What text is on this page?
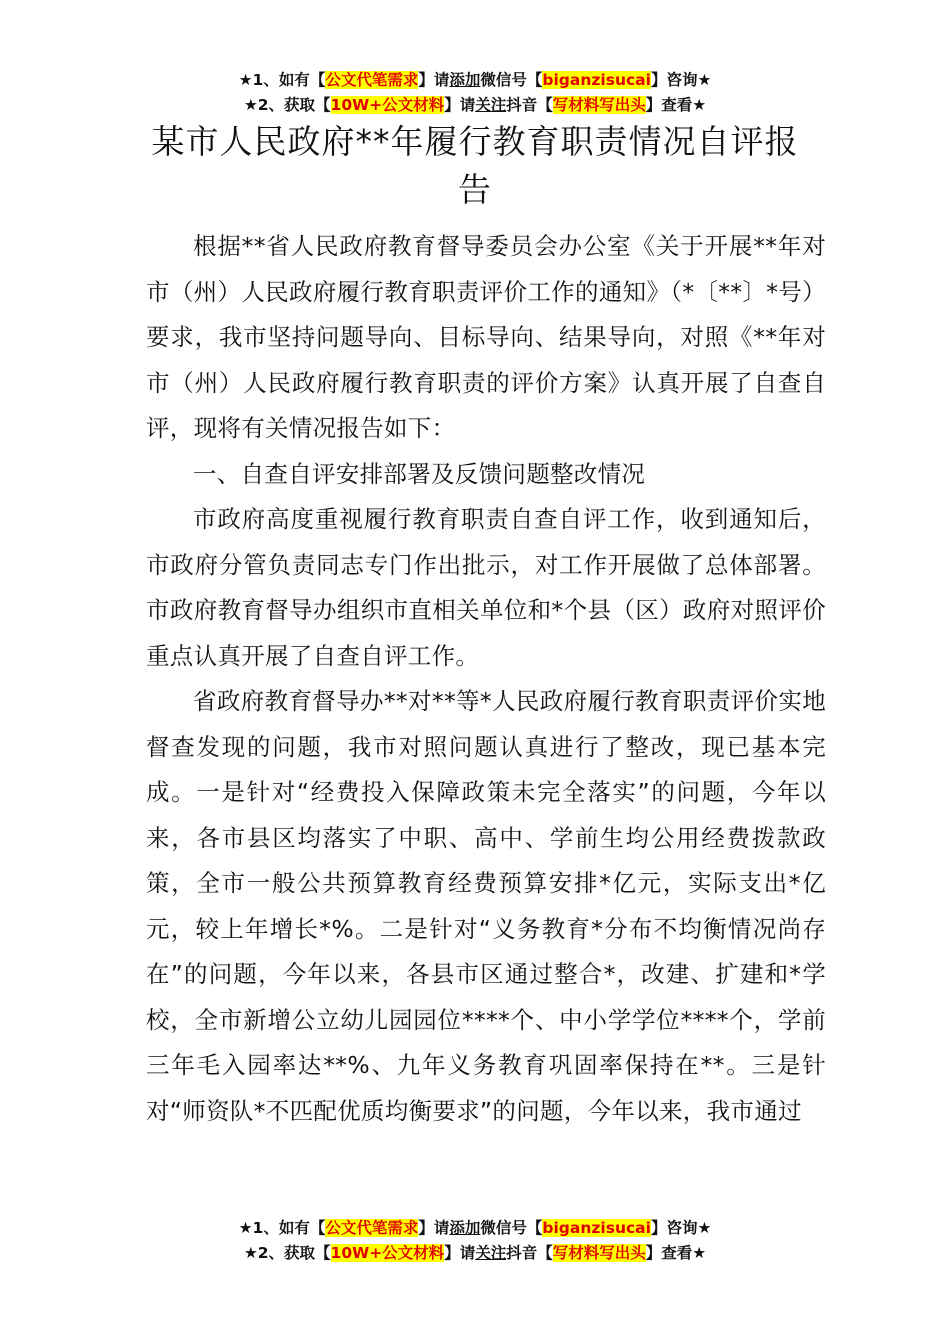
★1、如有【公文代笔需求】请添加微信号【biganzisucai】咨询★
★2、获取【10W+公文材料】请关注抖音【写材料写出头】查看★
某市人民政府**年履行教育职责情况自评报告

根据**省人民政府教育督导委员会办公室《关于开展**年对市（州）人民政府履行教育职责评价工作的通知》（*〔**〕*号）要求，我市坚持问题导向、目标导向、结果导向，对照《**年对市（州）人民政府履行教育职责的评价方案》认真开展了自查自评，现将有关情况报告如下：

一、自查自评安排部署及反馈问题整改情况

市政府高度重视履行教育职责自查自评工作，收到通知后，市政府分管负责同志专门作出批示，对工作开展做了总体部署。市政府教育督导办组织市直相关单位和*个县（区）政府对照评价重点认真开展了自查自评工作。

省政府教育督导办**对**等*人民政府履行教育职责评价实地督查发现的问题，我市对照问题认真进行了整改，现已基本完成。一是针对“经费投入保障政策未完全落实”的问题，今年以来，各市县区均落实了中职、高中、学前生均公用经费拨款政策，全市一般公共预算教育经费预算安排*亿元，实际支出*亿元，较上年增长*%。二是针对“义务教育*分布不均衡情况尚存在”的问题，今年以来，各县市区通过整合*，改建、扩建和*学校，全市新增公立幼儿园园位****个、中小学学位****个，学前三年毛入园率达**%、九年义务教育巩固率保持在**。三是针对“师资队*不匹配优质均衡要求”的问题，今年以来，我市通过

★1、如有【公文代笔需求】请添加微信号【biganzisucai】咨询★
★2、获取【10W+公文材料】请关注抖音【写材料写出头】查看★
